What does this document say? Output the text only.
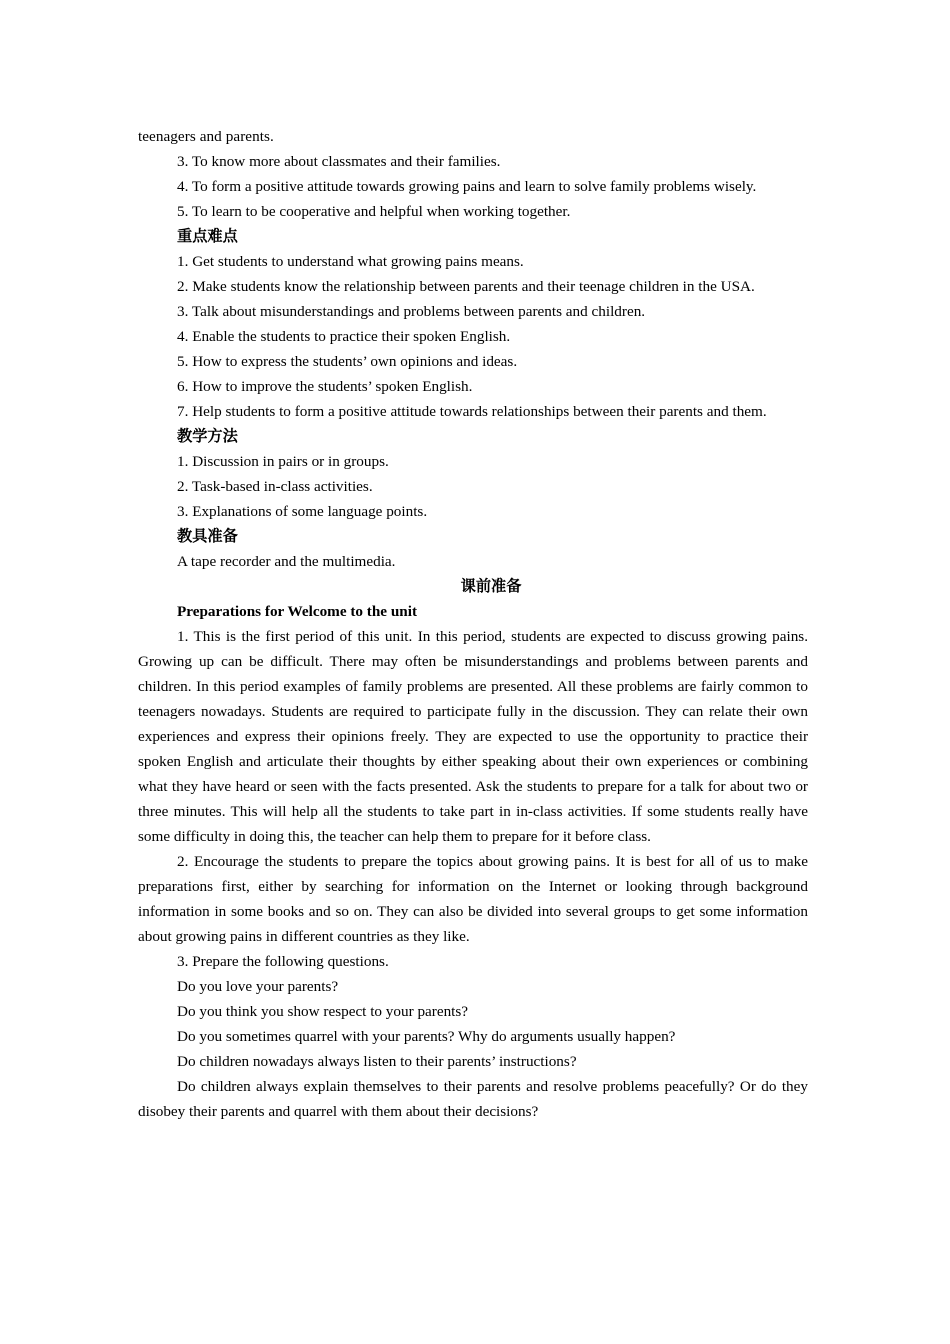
teenagers and parents.

3. To know more about classmates and their families.

4. To form a positive attitude towards growing pains and learn to solve family problems wisely.

5. To learn to be cooperative and helpful when working together.

重点难点

1. Get students to understand what growing pains means.

2. Make students know the relationship between parents and their teenage children in the USA.

3. Talk about misunderstandings and problems between parents and children.

4. Enable the students to practice their spoken English.

5. How to express the students’ own opinions and ideas.

6. How to improve the students’ spoken English.

7. Help students to form a positive attitude towards relationships between their parents and them.

教学方法

1. Discussion in pairs or in groups.

2. Task-based in-class activities.

3. Explanations of some language points.

教具准备

A tape recorder and the multimedia.

课前准备

Preparations for Welcome to the unit

1. This is the first period of this unit. In this period, students are expected to discuss growing pains. Growing up can be difficult. There may often be misunderstandings and problems between parents and children. In this period examples of family problems are presented. All these problems are fairly common to teenagers nowadays. Students are required to participate fully in the discussion. They can relate their own experiences and express their opinions freely. They are expected to use the opportunity to practice their spoken English and articulate their thoughts by either speaking about their own experiences or combining what they have heard or seen with the facts presented. Ask the students to prepare for a talk for about two or three minutes. This will help all the students to take part in in-class activities. If some students really have some difficulty in doing this, the teacher can help them to prepare for it before class.

2. Encourage the students to prepare the topics about growing pains. It is best for all of us to make preparations first, either by searching for information on the Internet or looking through background information in some books and so on. They can also be divided into several groups to get some information about growing pains in different countries as they like.

3. Prepare the following questions.

Do you love your parents?

Do you think you show respect to your parents?

Do you sometimes quarrel with your parents? Why do arguments usually happen?

Do children nowadays always listen to their parents’ instructions?

Do children always explain themselves to their parents and resolve problems peacefully? Or do they disobey their parents and quarrel with them about their decisions?
